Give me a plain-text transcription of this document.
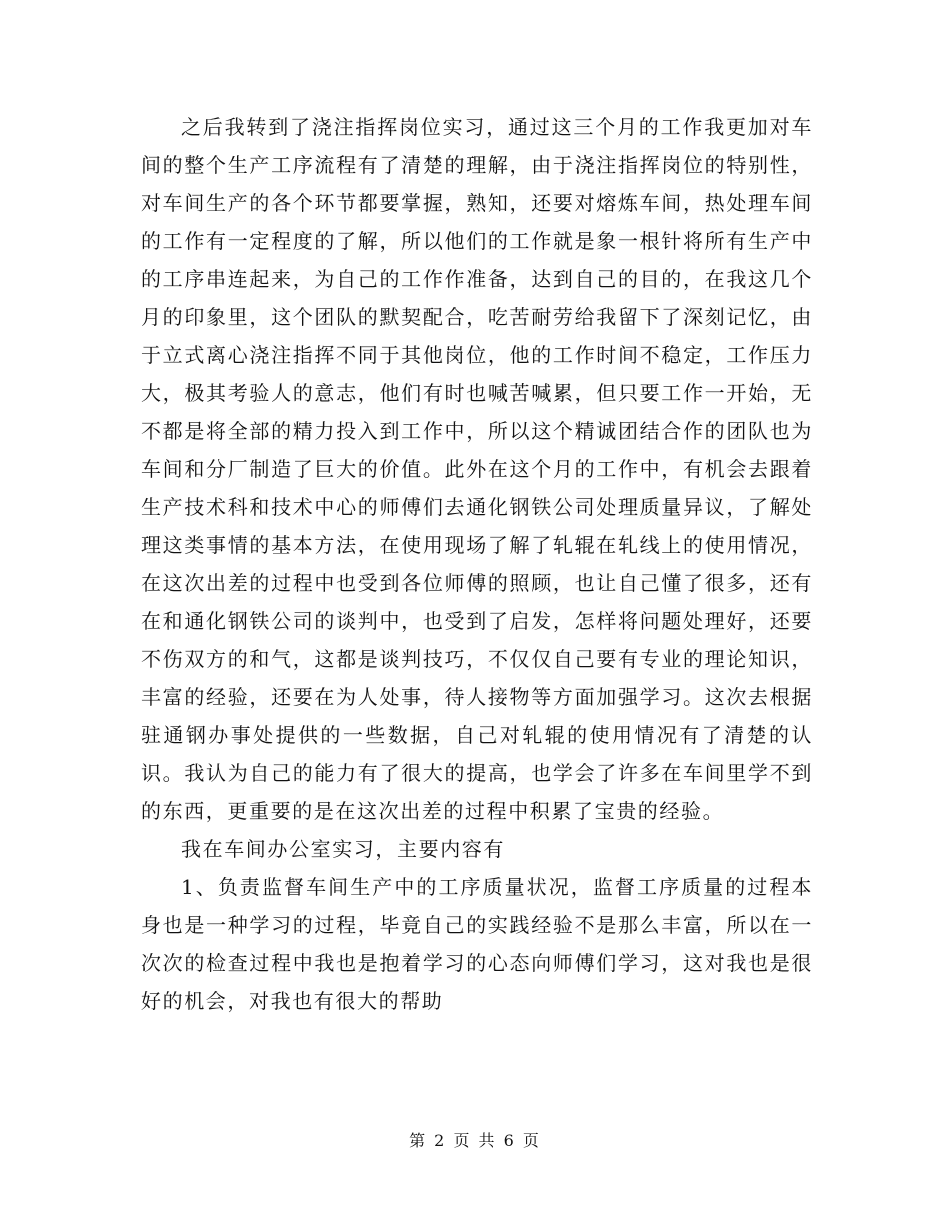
之后我转到了浇注指挥岗位实习，通过这三个月的工作我更加对车间的整个生产工序流程有了清楚的理解，由于浇注指挥岗位的特别性，对车间生产的各个环节都要掌握，熟知，还要对熔炼车间，热处理车间的工作有一定程度的了解，所以他们的工作就是象一根针将所有生产中的工序串连起来，为自己的工作作准备，达到自己的目的，在我这几个月的印象里，这个团队的默契配合，吃苦耐劳给我留下了深刻记忆，由于立式离心浇注指挥不同于其他岗位，他的工作时间不稳定，工作压力大，极其考验人的意志，他们有时也喊苦喊累，但只要工作一开始，无不都是将全部的精力投入到工作中，所以这个精诚团结合作的团队也为车间和分厂制造了巨大的价值。此外在这个月的工作中，有机会去跟着生产技术科和技术中心的师傅们去通化钢铁公司处理质量异议，了解处理这类事情的基本方法，在使用现场了解了轧辊在轧线上的使用情况，在这次出差的过程中也受到各位师傅的照顾，也让自己懂了很多，还有在和通化钢铁公司的谈判中，也受到了启发，怎样将问题处理好，还要不伤双方的和气，这都是谈判技巧，不仅仅自己要有专业的理论知识，丰富的经验，还要在为人处事，待人接物等方面加强学习。这次去根据驻通钢办事处提供的一些数据，自己对轧辊的使用情况有了清楚的认识。我认为自己的能力有了很大的提高，也学会了许多在车间里学不到的东西，更重要的是在这次出差的过程中积累了宝贵的经验。

我在车间办公室实习，主要内容有

1、负责监督车间生产中的工序质量状况，监督工序质量的过程本身也是一种学习的过程，毕竟自己的实践经验不是那么丰富，所以在一次次的检查过程中我也是抱着学习的心态向师傅们学习，这对我也是很好的机会，对我也有很大的帮助

第 2 页 共 6 页
